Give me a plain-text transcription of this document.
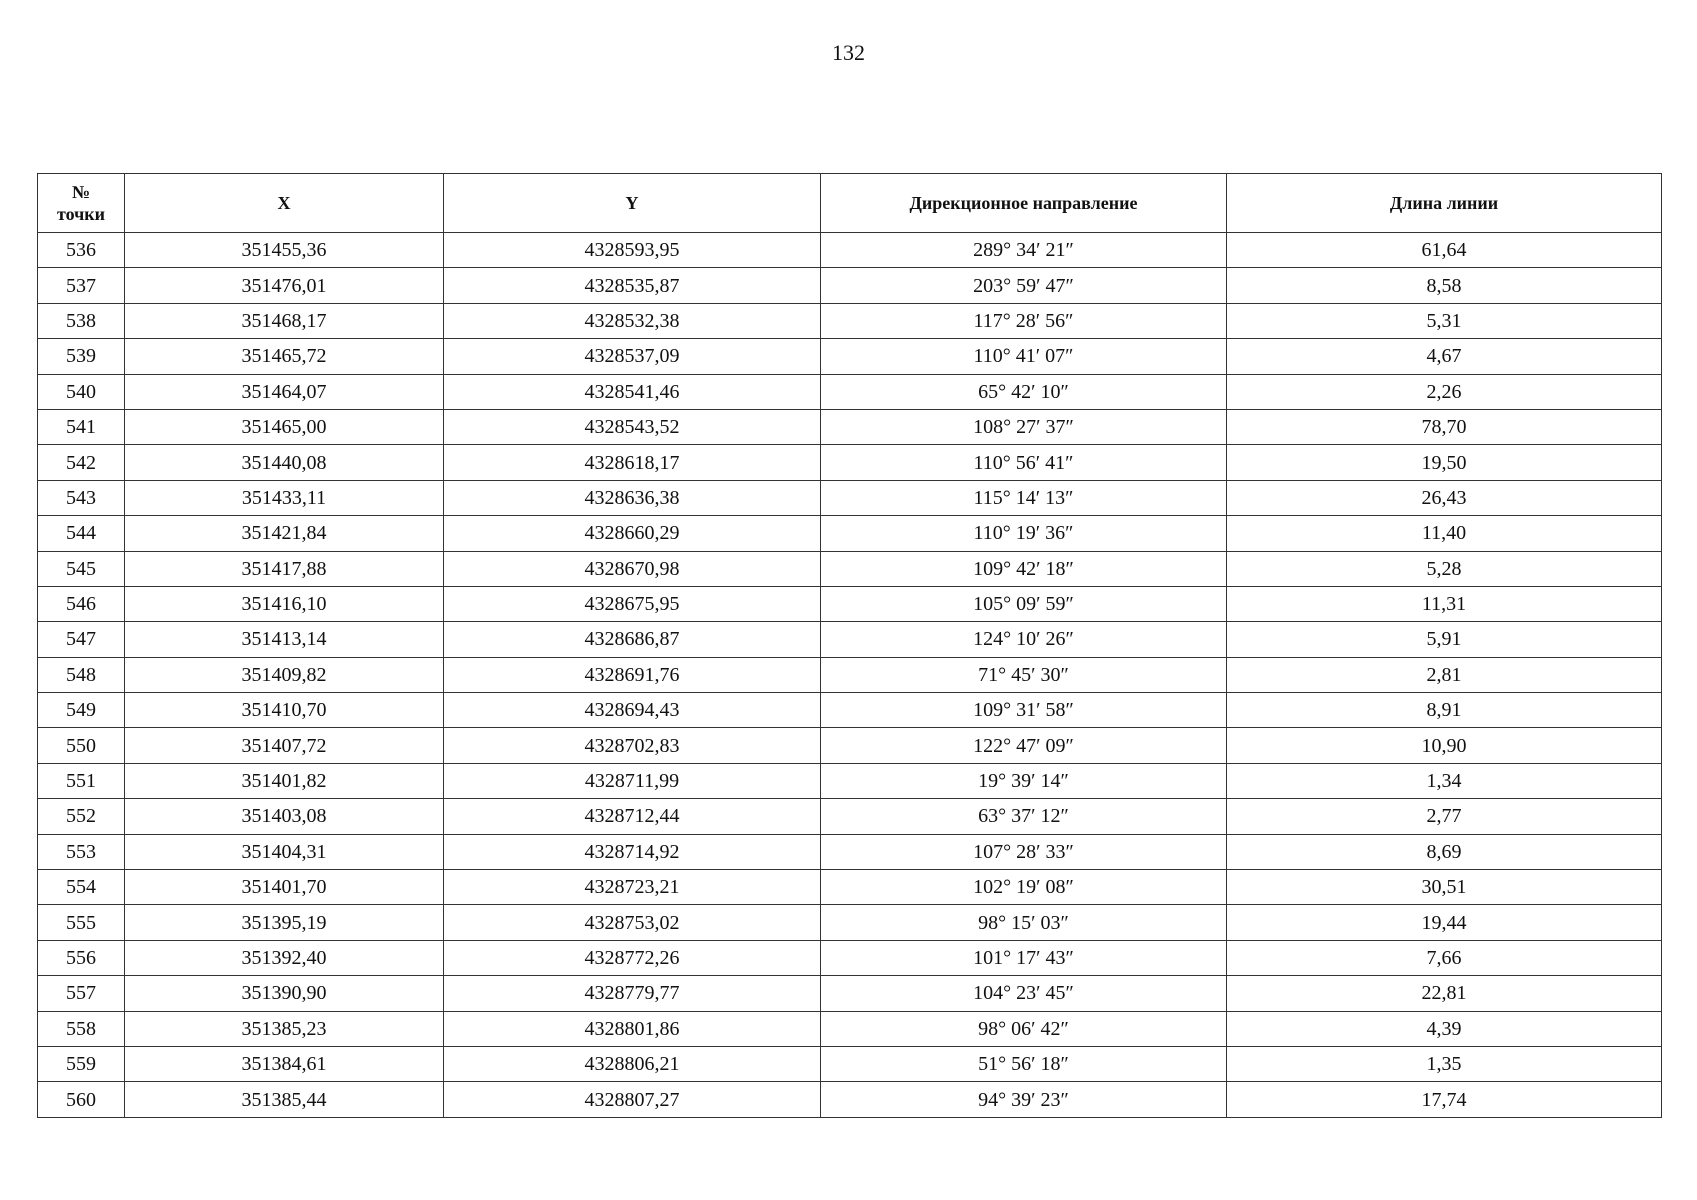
132
№
точки	X	Y	Дирекционное направление	Длина линии
536	351455,36	4328593,95	289° 34′ 21″	61,64
537	351476,01	4328535,87	203° 59′ 47″	8,58
538	351468,17	4328532,38	117° 28′ 56″	5,31
539	351465,72	4328537,09	110° 41′ 07″	4,67
540	351464,07	4328541,46	65° 42′ 10″	2,26
541	351465,00	4328543,52	108° 27′ 37″	78,70
542	351440,08	4328618,17	110° 56′ 41″	19,50
543	351433,11	4328636,38	115° 14′ 13″	26,43
544	351421,84	4328660,29	110° 19′ 36″	11,40
545	351417,88	4328670,98	109° 42′ 18″	5,28
546	351416,10	4328675,95	105° 09′ 59″	11,31
547	351413,14	4328686,87	124° 10′ 26″	5,91
548	351409,82	4328691,76	71° 45′ 30″	2,81
549	351410,70	4328694,43	109° 31′ 58″	8,91
550	351407,72	4328702,83	122° 47′ 09″	10,90
551	351401,82	4328711,99	19° 39′ 14″	1,34
552	351403,08	4328712,44	63° 37′ 12″	2,77
553	351404,31	4328714,92	107° 28′ 33″	8,69
554	351401,70	4328723,21	102° 19′ 08″	30,51
555	351395,19	4328753,02	98° 15′ 03″	19,44
556	351392,40	4328772,26	101° 17′ 43″	7,66
557	351390,90	4328779,77	104° 23′ 45″	22,81
558	351385,23	4328801,86	98° 06′ 42″	4,39
559	351384,61	4328806,21	51° 56′ 18″	1,35
560	351385,44	4328807,27	94° 39′ 23″	17,74
